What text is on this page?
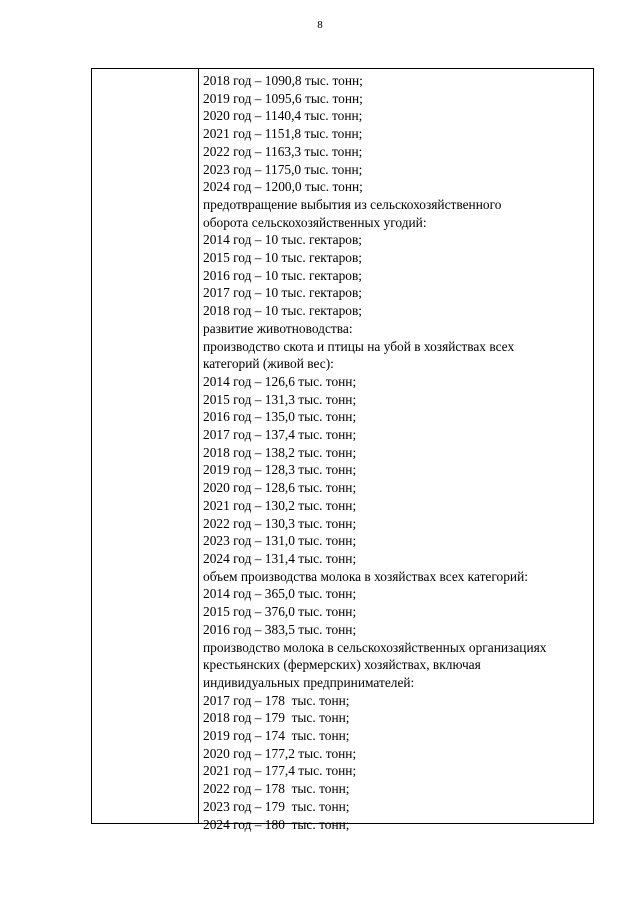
8
2018 год – 1090,8 тыс. тонн;
2019 год – 1095,6 тыс. тонн;
2020 год – 1140,4 тыс. тонн;
2021 год – 1151,8 тыс. тонн;
2022 год – 1163,3 тыс. тонн;
2023 год – 1175,0 тыс. тонн;
2024 год – 1200,0 тыс. тонн;
предотвращение выбытия из сельскохозяйственного
оборота сельскохозяйственных угодий:
2014 год – 10 тыс. гектаров;
2015 год – 10 тыс. гектаров;
2016 год – 10 тыс. гектаров;
2017 год – 10 тыс. гектаров;
2018 год – 10 тыс. гектаров;
развитие животноводства:
производство скота и птицы на убой в хозяйствах всех
категорий (живой вес):
2014 год – 126,6 тыс. тонн;
2015 год – 131,3 тыс. тонн;
2016 год – 135,0 тыс. тонн;
2017 год – 137,4 тыс. тонн;
2018 год – 138,2 тыс. тонн;
2019 год – 128,3 тыс. тонн;
2020 год – 128,6 тыс. тонн;
2021 год – 130,2 тыс. тонн;
2022 год – 130,3 тыс. тонн;
2023 год – 131,0 тыс. тонн;
2024 год – 131,4 тыс. тонн;
объем производства молока в хозяйствах всех категорий:
2014 год – 365,0 тыс. тонн;
2015 год – 376,0 тыс. тонн;
2016 год – 383,5 тыс. тонн;
производство молока в сельскохозяйственных организациях
крестьянских (фермерских) хозяйствах, включая
индивидуальных предпринимателей:
2017 год – 178  тыс. тонн;
2018 год – 179  тыс. тонн;
2019 год – 174  тыс. тонн;
2020 год – 177,2 тыс. тонн;
2021 год – 177,4 тыс. тонн;
2022 год – 178  тыс. тонн;
2023 год – 179  тыс. тонн;
2024 год – 180  тыс. тонн;
